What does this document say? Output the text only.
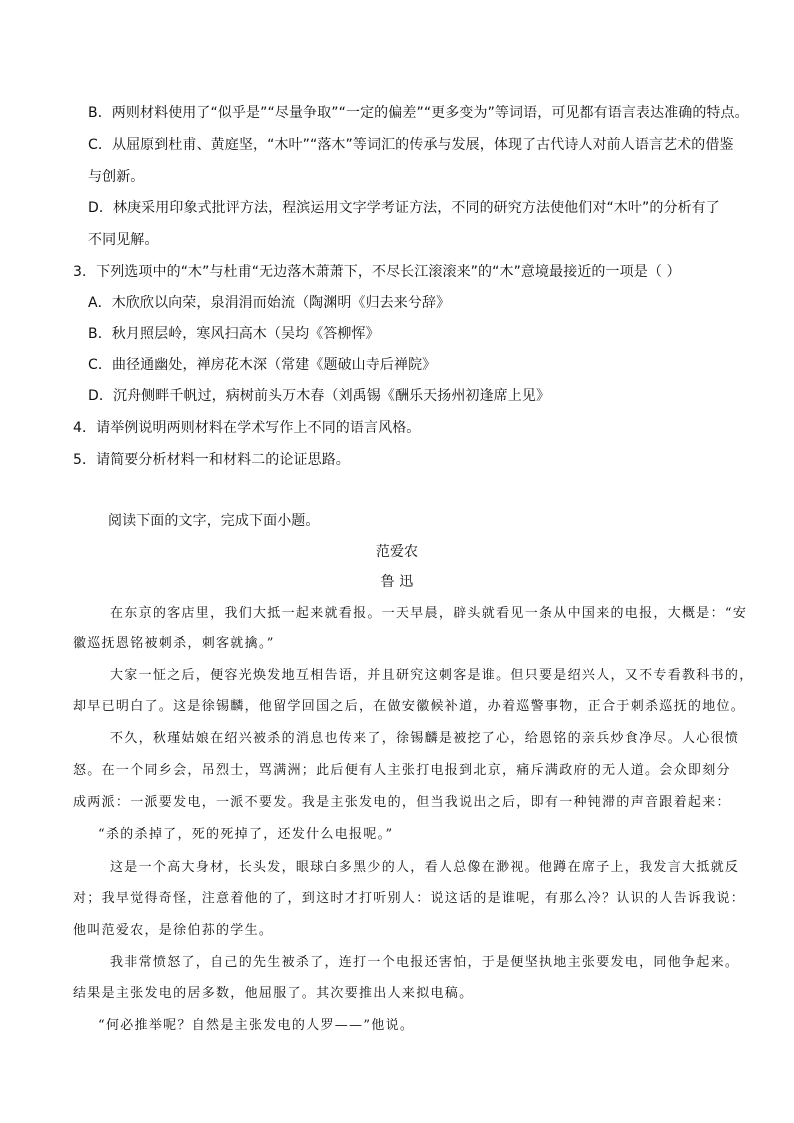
B．两则材料使用了“似乎是”“尽量争取”“一定的偏差”“更多变为”等词语，可见都有语言表达准确的特点。
C．从屈原到杜甫、黄庭坚，“木叶”“落木”等词汇的传承与发展，体现了古代诗人对前人语言艺术的借鉴
与创新。
D．林庚采用印象式批评方法，程滨运用文字学考证方法，不同的研究方法使他们对“木叶”的分析有了
不同见解。
3．下列选项中的“木”与杜甫“无边落木萧萧下，不尽长江滚滚来”的“木”意境最接近的一项是（ ）
A．木欣欣以向荣，泉涓涓而始流（陶渊明《归去来兮辞》
B．秋月照层岭，寒风扫高木（吴均《答柳恽》
C．曲径通幽处，禅房花木深（常建《题破山寺后禅院》
D．沉舟侧畔千帆过，病树前头万木春（刘禹锡《酬乐天扬州初逢席上见》
4．请举例说明两则材料在学术写作上不同的语言风格。
5．请简要分析材料一和材料二的论证思路。
阅读下面的文字，完成下面小题。
范爱农
鲁 迅
在东京的客店里，我们大抵一起来就看报。一天早晨，辟头就看见一条从中国来的电报，大概是：“安
徽巡抚恩铭被刺杀，刺客就擒。”
大家一怔之后，便容光焕发地互相告语，并且研究这刺客是谁。但只要是绍兴人，又不专看教科书的，
却早已明白了。这是徐锡麟，他留学回国之后，在做安徽候补道，办着巡警事物，正合于刺杀巡抚的地位。
不久，秋瑾姑娘在绍兴被杀的消息也传来了，徐锡麟是被挖了心，给恩铭的亲兵炒食净尽。人心很愤
怒。在一个同乡会，吊烈士，骂满洲；此后便有人主张打电报到北京，痛斥满政府的无人道。会众即刻分
成两派：一派要发电，一派不要发。我是主张发电的，但当我说出之后，即有一种钝滞的声音跟着起来：
“杀的杀掉了，死的死掉了，还发什么电报呢。”
这是一个高大身材，长头发，眼球白多黑少的人，看人总像在渺视。他蹲在席子上，我发言大抵就反
对；我早觉得奇怪，注意着他的了，到这时才打听别人：说这话的是谁呢，有那么冷？认识的人告诉我说：
他叫范爱农，是徐伯荪的学生。
我非常愤怒了，自己的先生被杀了，连打一个电报还害怕，于是便坚执地主张要发电，同他争起来。
结果是主张发电的居多数，他屈服了。其次要推出人来拟电稿。
“何必推举呢？自然是主张发电的人罗——”他说。
